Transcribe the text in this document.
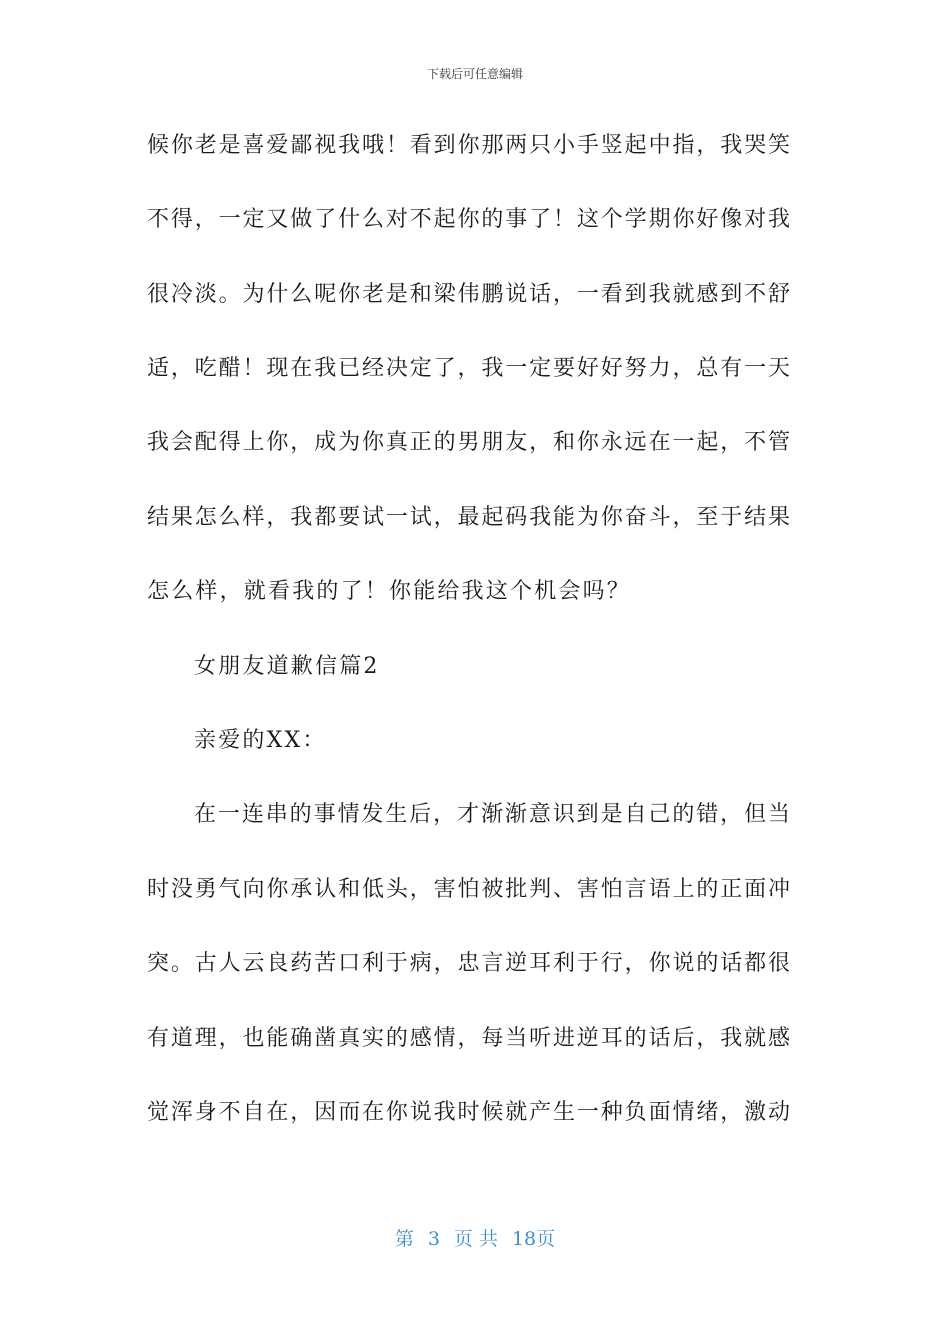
下载后可任意编辑
候你老是喜爱鄙视我哦！看到你那两只小手竖起中指，我哭笑
不得，一定又做了什么对不起你的事了！这个学期你好像对我
很冷淡。为什么呢你老是和梁伟鹏说话，一看到我就感到不舒
适，吃醋！现在我已经决定了，我一定要好好努力，总有一天
我会配得上你，成为你真正的男朋友，和你永远在一起，不管
结果怎么样，我都要试一试，最起码我能为你奋斗，至于结果
怎么样，就看我的了！你能给我这个机会吗？
女朋友道歉信篇2
亲爱的XX：
在一连串的事情发生后，才渐渐意识到是自己的错，但当
时没勇气向你承认和低头，害怕被批判、害怕言语上的正面冲
突。古人云良药苦口利于病，忠言逆耳利于行，你说的话都很
有道理，也能确凿真实的感情，每当听进逆耳的话后，我就感
觉浑身不自在，因而在你说我时候就产生一种负面情绪，激动
第 3 页 共 18页
